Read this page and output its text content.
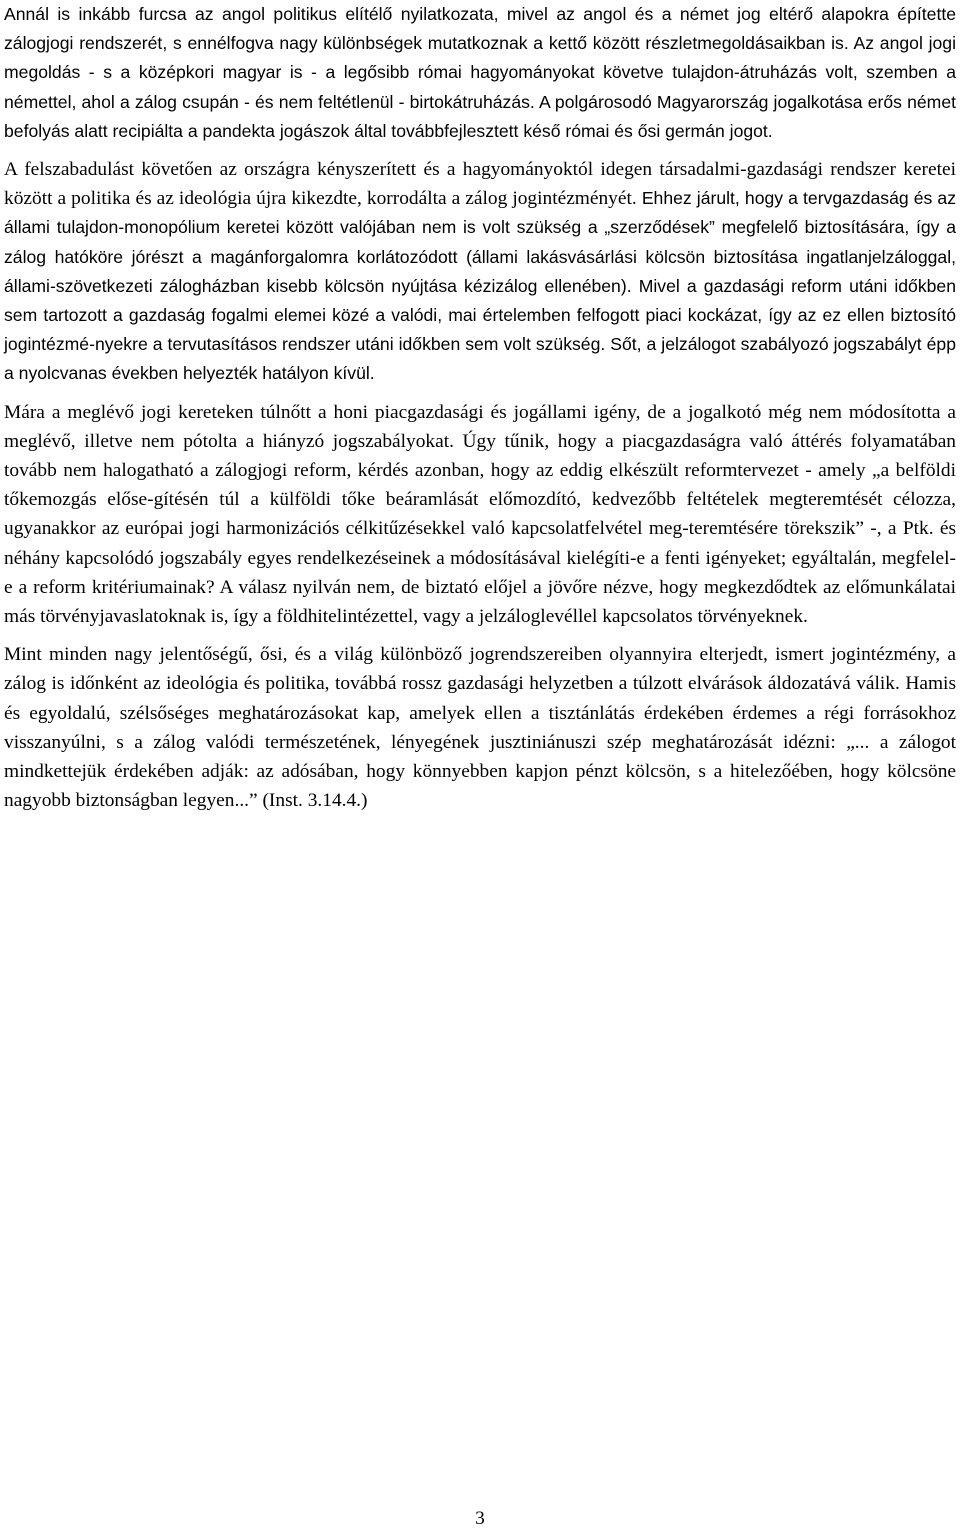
Annál is inkább furcsa az angol politikus elítélő nyilatkozata, mivel az angol és a német jog eltérő alapokra építette zálogjogi rendszerét, s ennélfogva nagy különbségek mutatkoznak a kettő között részletmegoldásaikban is. Az angol jogi megoldás - s a középkori magyar is - a legősibb római hagyományokat követve tulajdon-átruházás volt, szemben a némettel, ahol a zálog csupán - és nem feltétlenül - birtokátruházás. A polgárosodó Magyarország jogalkotása erős német befolyás alatt recipiálta a pandekta jogászok által továbbfejlesztett késő római és ősi germán jogot.

A felszabadulást követően az országra kényszerített és a hagyományoktól idegen társadalmi-gazdasági rendszer keretei között a politika és az ideológia újra kikezdte, korrodálta a zálog jogintézményét. Ehhez járult, hogy a tervgazdaság és az állami tulajdon-monopólium keretei között valójában nem is volt szükség a „szerződések” megfelelő biztosítására, így a zálog hatóköre jórészt a magánforgalomra korlátozódott (állami lakásvásárlási kölcsön biztosítása ingatlanjelzáloggal, állami-szövetkezeti zálogházban kisebb kölcsön nyújtása kézizálog ellenében). Mivel a gazdasági reform utáni időkben sem tartozott a gazdaság fogalmi elemei közé a valódi, mai értelemben felfogott piaci kockázat, így az ez ellen biztosító jogintézmé-nyekre a tervutasításos rendszer utáni időkben sem volt szükség. Sőt, a jelzálogot szabályozó jogszabályt épp a nyolcvanas években helyezték hatályon kívül.

Mára a meglévő jogi kereteken túlnőtt a honi piacgazdasági és jogállami igény, de a jogalkotó még nem módosította a meglévő, illetve nem pótolta a hiányzó jogszabályokat. Úgy tűnik, hogy a piacgazdaságra való áttérés folyamatában tovább nem halogatható a zálogjogi reform, kérdés azonban, hogy az eddig elkészült reformtervezet - amely „a belföldi tőkemozgás előse-gítésén túl a külföldi tőke beáramlását előmozdító, kedvezőbb feltételek megteremtését célozza, ugyanakkor az európai jogi harmonizációs célkitűzésekkel való kapcsolatfelvétel meg-teremtésére törekszik” -, a Ptk. és néhány kapcsolódó jogszabály egyes rendelkezéseinek a módosításával kielégíti-e a fenti igényeket; egyáltalán, megfelel-e a reform kritériumainak? A válasz nyilván nem, de biztató előjel a jövőre nézve, hogy megkezdődtek az előmunkálatai más törvényjavaslatoknak is, így a földhitelintézettel, vagy a jelzáloglevéllel kapcsolatos törvényeknek.

Mint minden nagy jelentőségű, ősi, és a világ különböző jogrendszereiben olyannyira elterjedt, ismert jogintézmény, a zálog is időnként az ideológia és politika, továbbá rossz gazdasági helyzetben a túlzott elvárások áldozatává válik. Hamis és egyoldalú, szélsőséges meghatározásokat kap, amelyek ellen a tisztánlátás érdekében érdemes a régi forrásokhoz visszanyúlni, s a zálog valódi természetének, lényegének jusztiniánuszi szép meghatározását idézni: „... a zálogot mindkettejük érdekében adják: az adósában, hogy könnyebben kapjon pénzt kölcsön, s a hitelezőében, hogy kölcsöne nagyobb biztonságban legyen...” (Inst. 3.14.4.)

3
